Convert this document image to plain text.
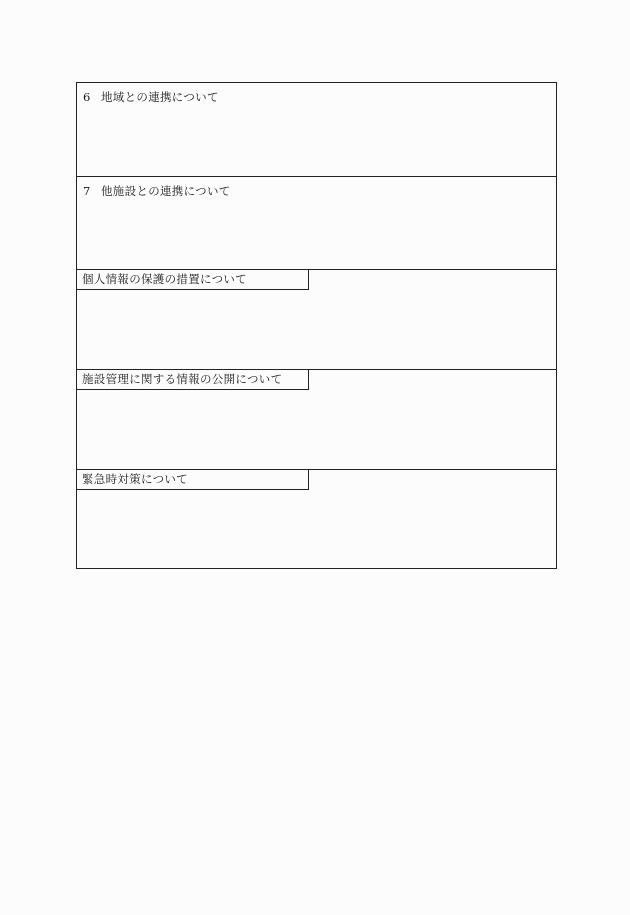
6 地域との連携について
7 他施設との連携について
個人情報の保護の措置について
施設管理に関する情報の公開について
緊急時対策について
